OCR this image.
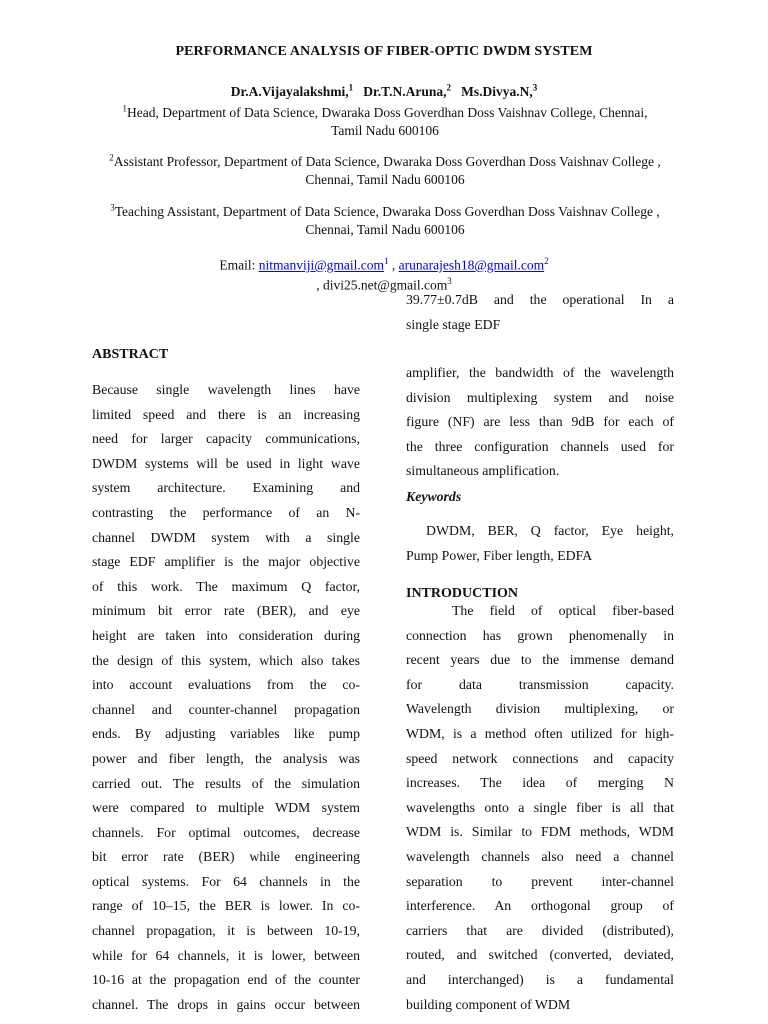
PERFORMANCE ANALYSIS OF FIBER-OPTIC DWDM SYSTEM
Dr.A.Vijayalakshmi,$^1$ Dr.T.N.Aruna,$^2$ Ms.Divya.N,$^3$
$^1$Head, Department of Data Science, Dwaraka Doss Goverdhan Doss Vaishnav College, Chennai,
Tamil Nadu 600106
$^2$Assistant Professor, Department of Data Science, Dwaraka Doss Goverdhan Doss Vaishnav College ,
Chennai, Tamil Nadu 600106
$^3$Teaching Assistant, Department of Data Science, Dwaraka Doss Goverdhan Doss Vaishnav College ,
Chennai, Tamil Nadu 600106
Email: nitmanviji@gmail.com$^1$ , arunarajesh18@gmail.com$^2$
, divi25.net@gmail.com$^3$
ABSTRACT
Because single wavelength lines have
limited speed and there is an increasing
need for larger capacity communications,
DWDM systems will be used in light wave
system architecture. Examining and
contrasting the performance of an N-
channel DWDM system with a single
stage EDF amplifier is the major objective
of this work. The maximum Q factor,
minimum bit error rate (BER), and eye
height are taken into consideration during
the design of this system, which also takes
into account evaluations from the co-
channel and counter-channel propagation
ends. By adjusting variables like pump
power and fiber length, the analysis was
carried out. The results of the simulation
were compared to multiple WDM system
channels. For optimal outcomes, decrease
bit error rate (BER) while engineering
optical systems. For 64 channels in the
range of 10–15, the BER is lower. In co-
channel propagation, it is between 10-19,
while for 64 channels, it is lower, between
10-16 at the propagation end of the counter
channel. The drops in gains occur between
39.77±0.7dB and the operational In a
single stage EDF
amplifier, the bandwidth of the wavelength
division multiplexing system and noise
figure (NF) are less than 9dB for each of
the three configuration channels used for
simultaneous amplification.
Keywords
DWDM, BER, Q factor, Eye height,
Pump Power, Fiber length, EDFA
INTRODUCTION
The field of optical fiber-based
connection has grown phenomenally in
recent years due to the immense demand
for data transmission capacity.
Wavelength division multiplexing, or
WDM, is a method often utilized for high-
speed network connections and capacity
increases. The idea of merging N
wavelengths onto a single fiber is all that
WDM is. Similar to FDM methods, WDM
wavelength channels also need a channel
separation to prevent inter-channel
interference. An orthogonal group of
carriers that are divided (distributed),
routed, and switched (converted, deviated,
and interchanged) is a fundamental
building component of WDM
